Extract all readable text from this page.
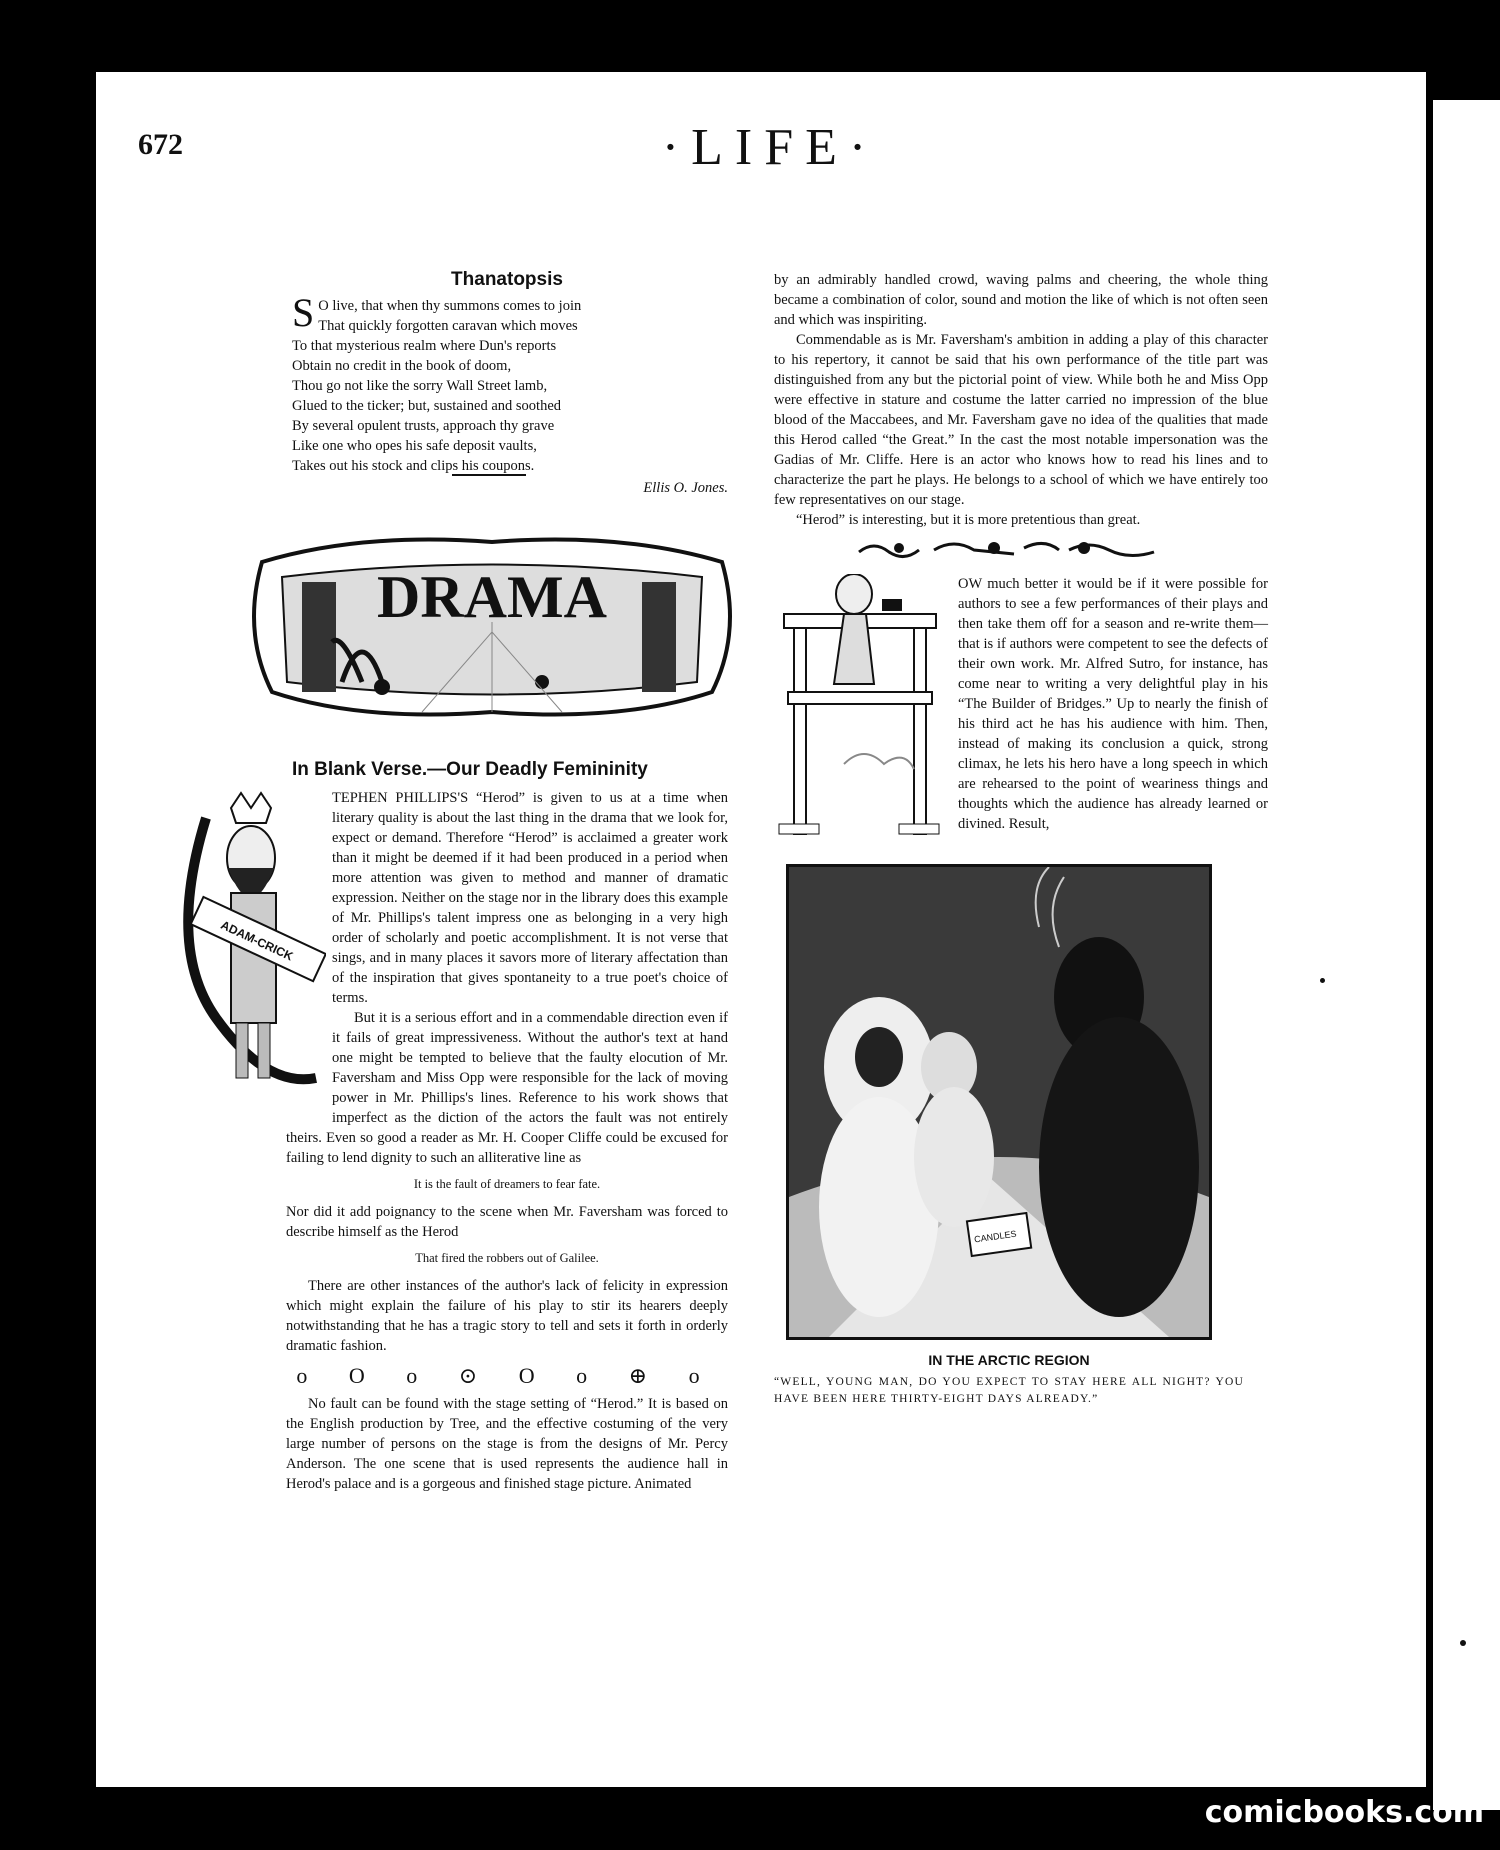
672	·LIFE·
Thanatopsis
S O live, that when thy summons comes to join
That quickly forgotten caravan which moves
To that mysterious realm where Dun's reports
Obtain no credit in the book of doom,
Thou go not like the sorry Wall Street lamb,
Glued to the ticker; but, sustained and soothed
By several opulent trusts, approach thy grave
Like one who opes his safe deposit vaults,
Takes out his stock and clips his coupons.
Ellis O. Jones.
DRAMA
In Blank Verse.—Our Deadly Femininity
ADAM-CRICK

TEPHEN PHILLIPS'S “Herod” is given to us at a time when literary quality is about the last thing in the drama that we look for, expect or demand. Therefore “Herod” is acclaimed a greater work than it might be deemed if it had been produced in a period when more attention was given to method and manner of dramatic expression. Neither on the stage nor in the library does this example of Mr. Phillips's talent impress one as belonging in a very high order of scholarly and poetic accomplishment. It is not verse that sings, and in many places it savors more of literary affectation than of the inspiration that gives spontaneity to a true poet's choice of terms.

But it is a serious effort and in a commendable direction even if it fails of great impressiveness. Without the author's text at hand one might be tempted to believe that the faulty elocution of Mr. Faversham and Miss Opp were responsible for the lack of moving power in Mr. Phillips's lines. Reference to his work shows that imperfect as the diction of the actors the fault was not entirely theirs. Even so good a reader as Mr. H. Cooper Cliffe could be excused for failing to lend dignity to such an alliterative line as

It is the fault of dreamers to fear fate.

Nor did it add poignancy to the scene when Mr. Faversham was forced to describe himself as the Herod

That fired the robbers out of Galilee.

There are other instances of the author's lack of felicity in expression which might explain the failure of his play to stir its hearers deeply notwithstanding that he has a tragic story to tell and sets it forth in orderly dramatic fashion.

o O o ⊙ O o ⊕ o

No fault can be found with the stage setting of “Herod.” It is based on the English production by Tree, and the effective costuming of the very large number of persons on the stage is from the designs of Mr. Percy Anderson. The one scene that is used represents the audience hall in Herod's palace and is a gorgeous and finished stage picture. Animated

by an admirably handled crowd, waving palms and cheering, the whole thing became a combination of color, sound and motion the like of which is not often seen and which was inspiriting.

Commendable as is Mr. Faversham's ambition in adding a play of this character to his repertory, it cannot be said that his own performance of the title part was distinguished from any but the pictorial point of view. While both he and Miss Opp were effective in stature and costume the latter carried no impression of the blue blood of the Maccabees, and Mr. Faversham gave no idea of the qualities that made this Herod called “the Great.” In the cast the most notable impersonation was the Gadias of Mr. Cliffe. Here is an actor who knows how to read his lines and to characterize the part he plays. He belongs to a school of which we have entirely too few representatives on our stage.

“Herod” is interesting, but it is more pretentious than great.

OW much better it would be if it were possible for authors to see a few performances of their plays and then take them off for a season and re-write them—that is if authors were competent to see the defects of their own work. Mr. Alfred Sutro, for instance, has come near to writing a very delightful play in his “The Builder of Bridges.” Up to nearly the finish of his third act he has his audience with him. Then, instead of making its conclusion a quick, strong climax, he lets his hero have a long speech in which are rehearsed to the point of weariness things and thoughts which the audience has already learned or divined. Result,

CANDLES
IN THE ARCTIC REGION
“WELL, YOUNG MAN, DO YOU EXPECT TO STAY HERE ALL NIGHT? YOU HAVE BEEN HERE THIRTY-EIGHT DAYS ALREADY.”
comicbooks.com
